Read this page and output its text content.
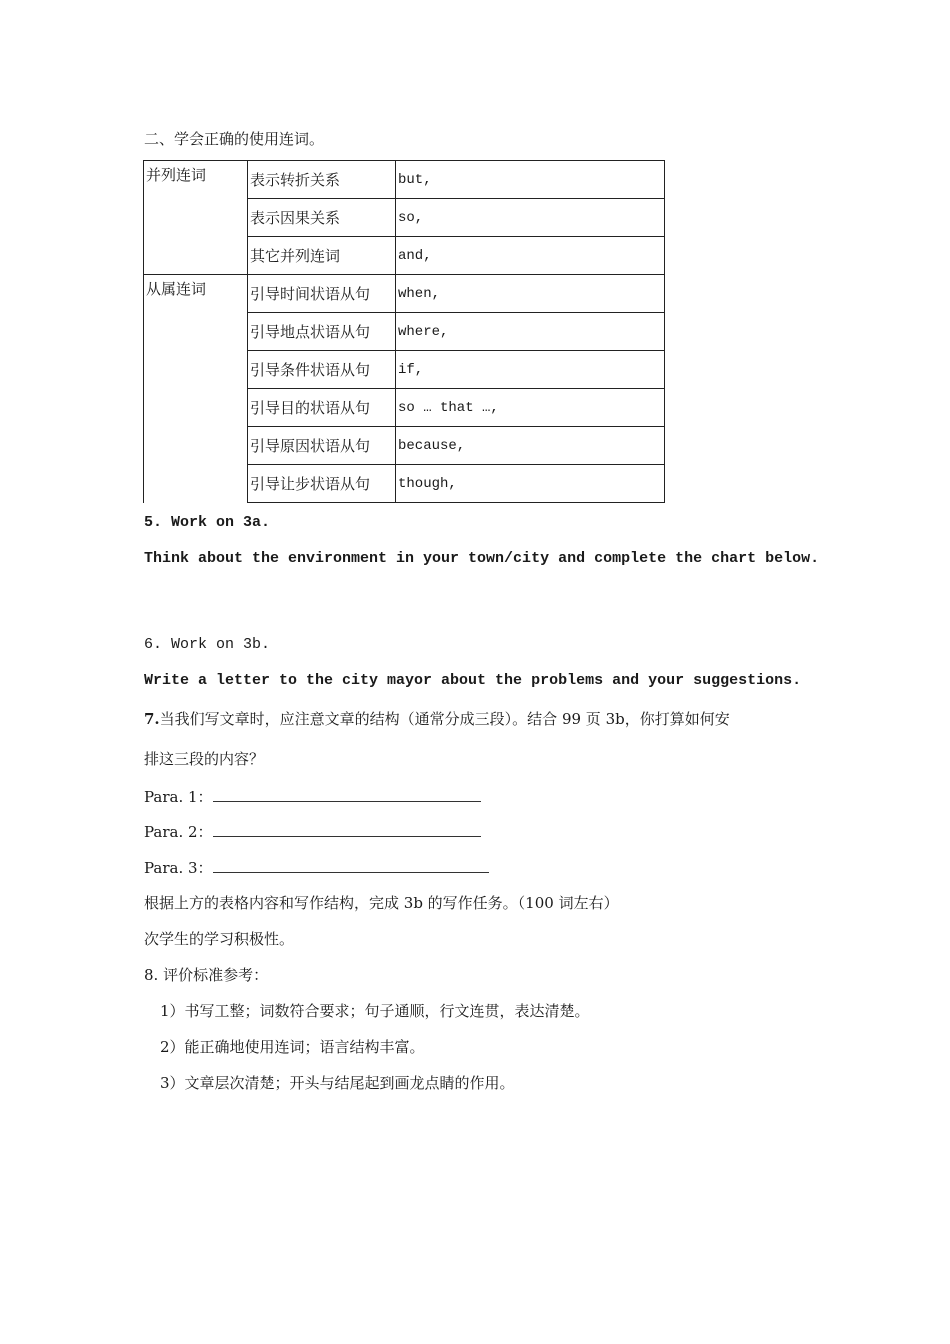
二、学会正确的使用连词。
并列连词	表示转折关系	but,
	表示因果关系	so,
	其它并列连词	and,
从属连词	引导时间状语从句	when,
	引导地点状语从句	where,
	引导条件状语从句	if,
	引导目的状语从句	so … that …,
	引导原因状语从句	because,
	引导让步状语从句	though,
5. Work on 3a.
Think about the environment in your town/city and complete the chart below.
6. Work on 3b.
Write a letter to the city mayor about the problems and your suggestions.
7.当我们写文章时，应注意文章的结构（通常分成三段）。结合 99 页 3b，你打算如何安
排这三段的内容？
Para. 1：
Para. 2：
Para. 3：
根据上方的表格内容和写作结构，完成 3b 的写作任务。（100 词左右）
次学生的学习积极性。
8. 评价标准参考：
1）书写工整；词数符合要求；句子通顺，行文连贯，表达清楚。
2）能正确地使用连词；语言结构丰富。
3）文章层次清楚；开头与结尾起到画龙点睛的作用。
